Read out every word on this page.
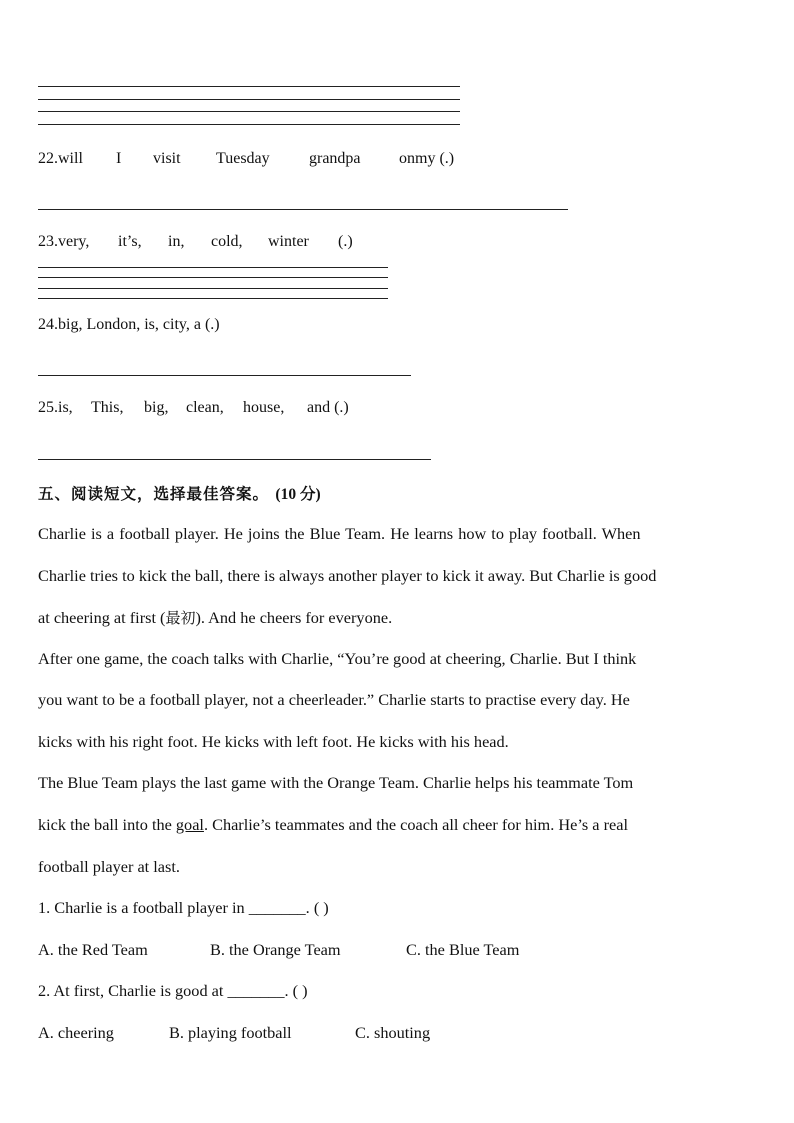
22.will I visit Tuesday grandpa onmy (.)
23.very, it’s, in, cold, winter (.)
24.big, London, is, city, a (.)
25.is, This, big, clean, house, and (.)
五、阅读短文，选择最佳答案。 (10 分)
Charlie is a football player. He joins the Blue Team. He learns how to play football. When
Charlie tries to kick the ball, there is always another player to kick it away. But Charlie is good
at cheering at first (最初). And he cheers for everyone.
After one game, the coach talks with Charlie, “You’re good at cheering, Charlie. But I think
you want to be a football player, not a cheerleader.” Charlie starts to practise every day. He
kicks with his right foot. He kicks with left foot. He kicks with his head.
The Blue Team plays the last game with the Orange Team. Charlie helps his teammate Tom
kick the ball into the goal. Charlie’s teammates and the coach all cheer for him. He’s a real
football player at last.
1. Charlie is a football player in _______. ( )
A. the Red Team	B. the Orange Team	C. the Blue Team
2. At first, Charlie is good at _______. ( )
A. cheering	B. playing football	C. shouting
